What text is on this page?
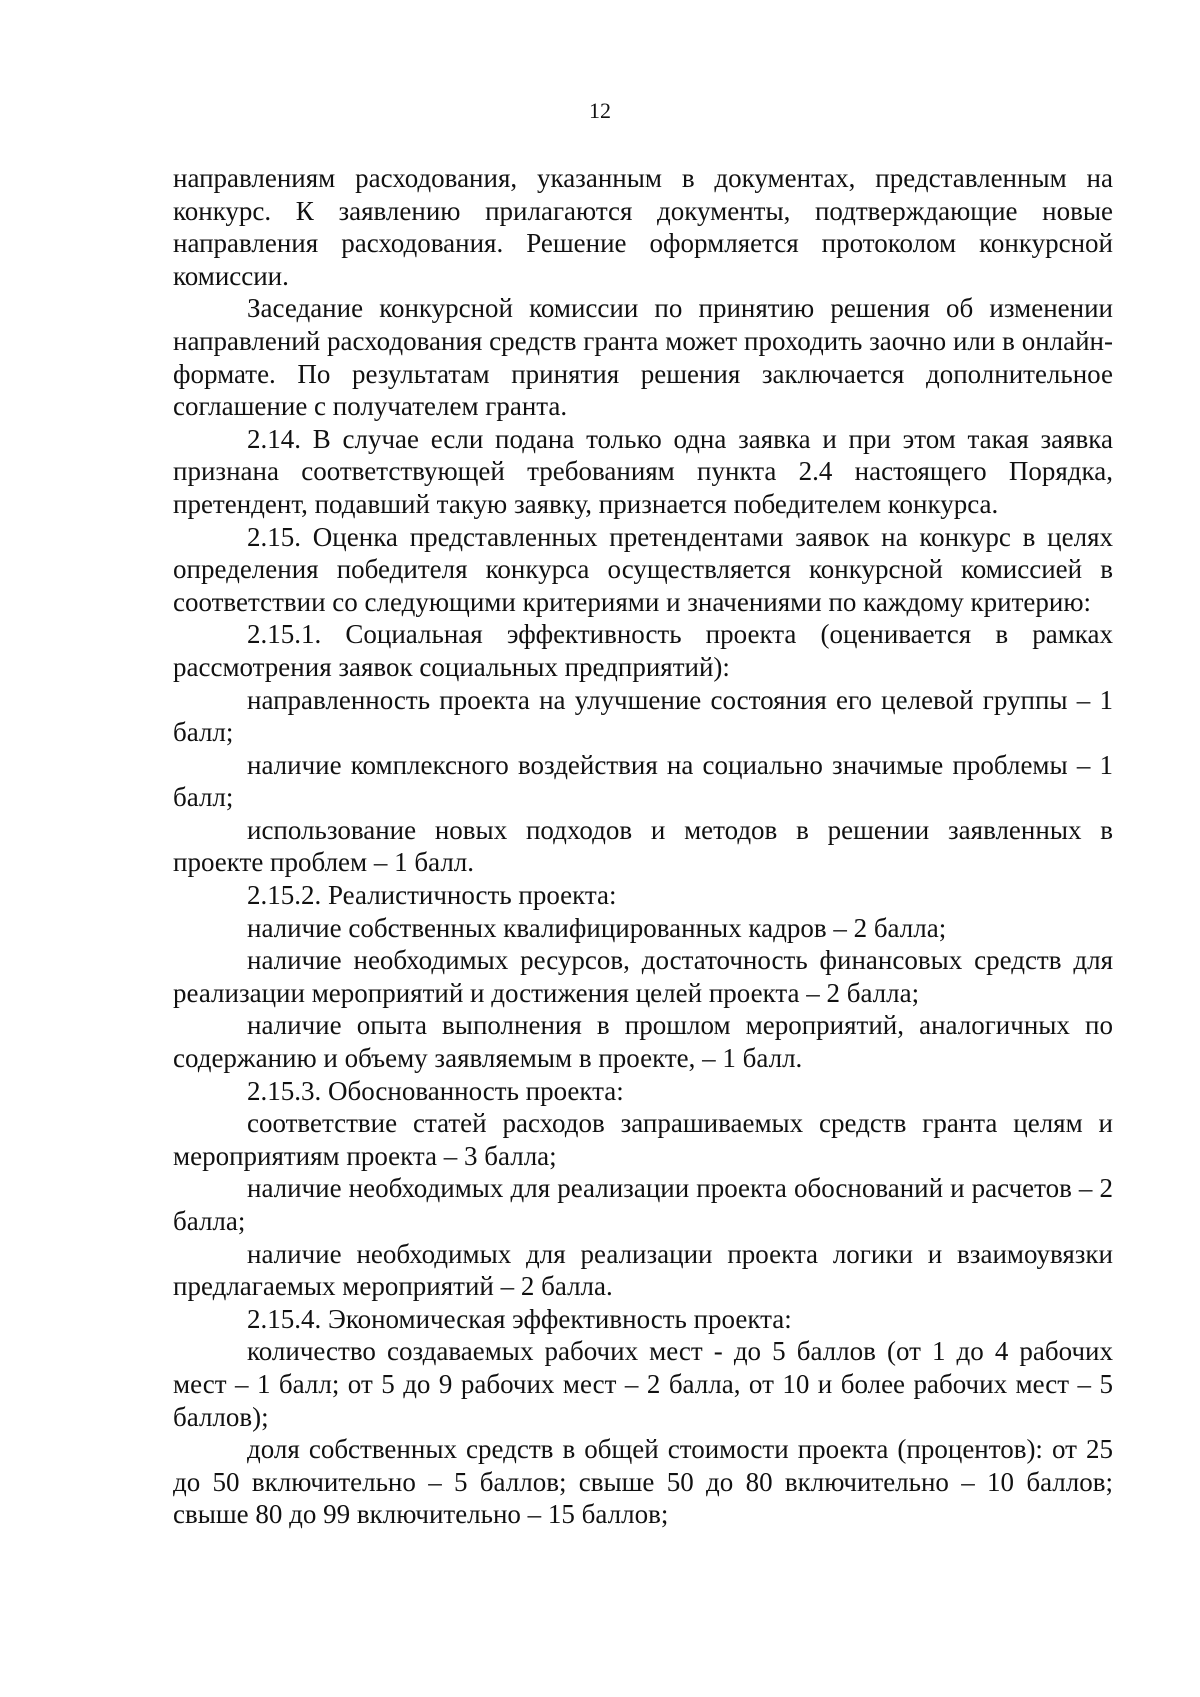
12

направлениям расходования, указанным в документах, представленным на конкурс. К заявлению прилагаются документы, подтверждающие новые направления расходования. Решение оформляется протоколом конкурсной комиссии.

Заседание конкурсной комиссии по принятию решения об изменении направлений расходования средств гранта может проходить заочно или в онлайн-формате. По результатам принятия решения заключается дополнительное соглашение с получателем гранта.

2.14. В случае если подана только одна заявка и при этом такая заявка признана соответствующей требованиям пункта 2.4 настоящего Порядка, претендент, подавший такую заявку, признается победителем конкурса.

2.15. Оценка представленных претендентами заявок на конкурс в целях определения победителя конкурса осуществляется конкурсной комиссией в соответствии со следующими критериями и значениями по каждому критерию:

2.15.1. Социальная эффективность проекта (оценивается в рамках рассмотрения заявок социальных предприятий):

направленность проекта на улучшение состояния его целевой группы – 1 балл;

наличие комплексного воздействия на социально значимые проблемы – 1 балл;

использование новых подходов и методов в решении заявленных в проекте проблем – 1 балл.

2.15.2. Реалистичность проекта:

наличие собственных квалифицированных кадров – 2 балла;

наличие необходимых ресурсов, достаточность финансовых средств для реализации мероприятий и достижения целей проекта – 2 балла;

наличие опыта выполнения в прошлом мероприятий, аналогичных по содержанию и объему заявляемым в проекте, – 1 балл.

2.15.3. Обоснованность проекта:

соответствие статей расходов запрашиваемых средств гранта целям и мероприятиям проекта – 3 балла;

наличие необходимых для реализации проекта обоснований и расчетов – 2 балла;

наличие необходимых для реализации проекта логики и взаимоувязки предлагаемых мероприятий – 2 балла.

2.15.4. Экономическая эффективность проекта:

количество создаваемых рабочих мест - до 5 баллов (от 1 до 4 рабочих мест – 1 балл; от 5 до 9 рабочих мест – 2 балла, от 10 и более рабочих мест – 5 баллов);

доля собственных средств в общей стоимости проекта (процентов): от 25 до 50 включительно – 5 баллов; свыше 50 до 80 включительно – 10 баллов; свыше 80 до 99 включительно – 15 баллов;
